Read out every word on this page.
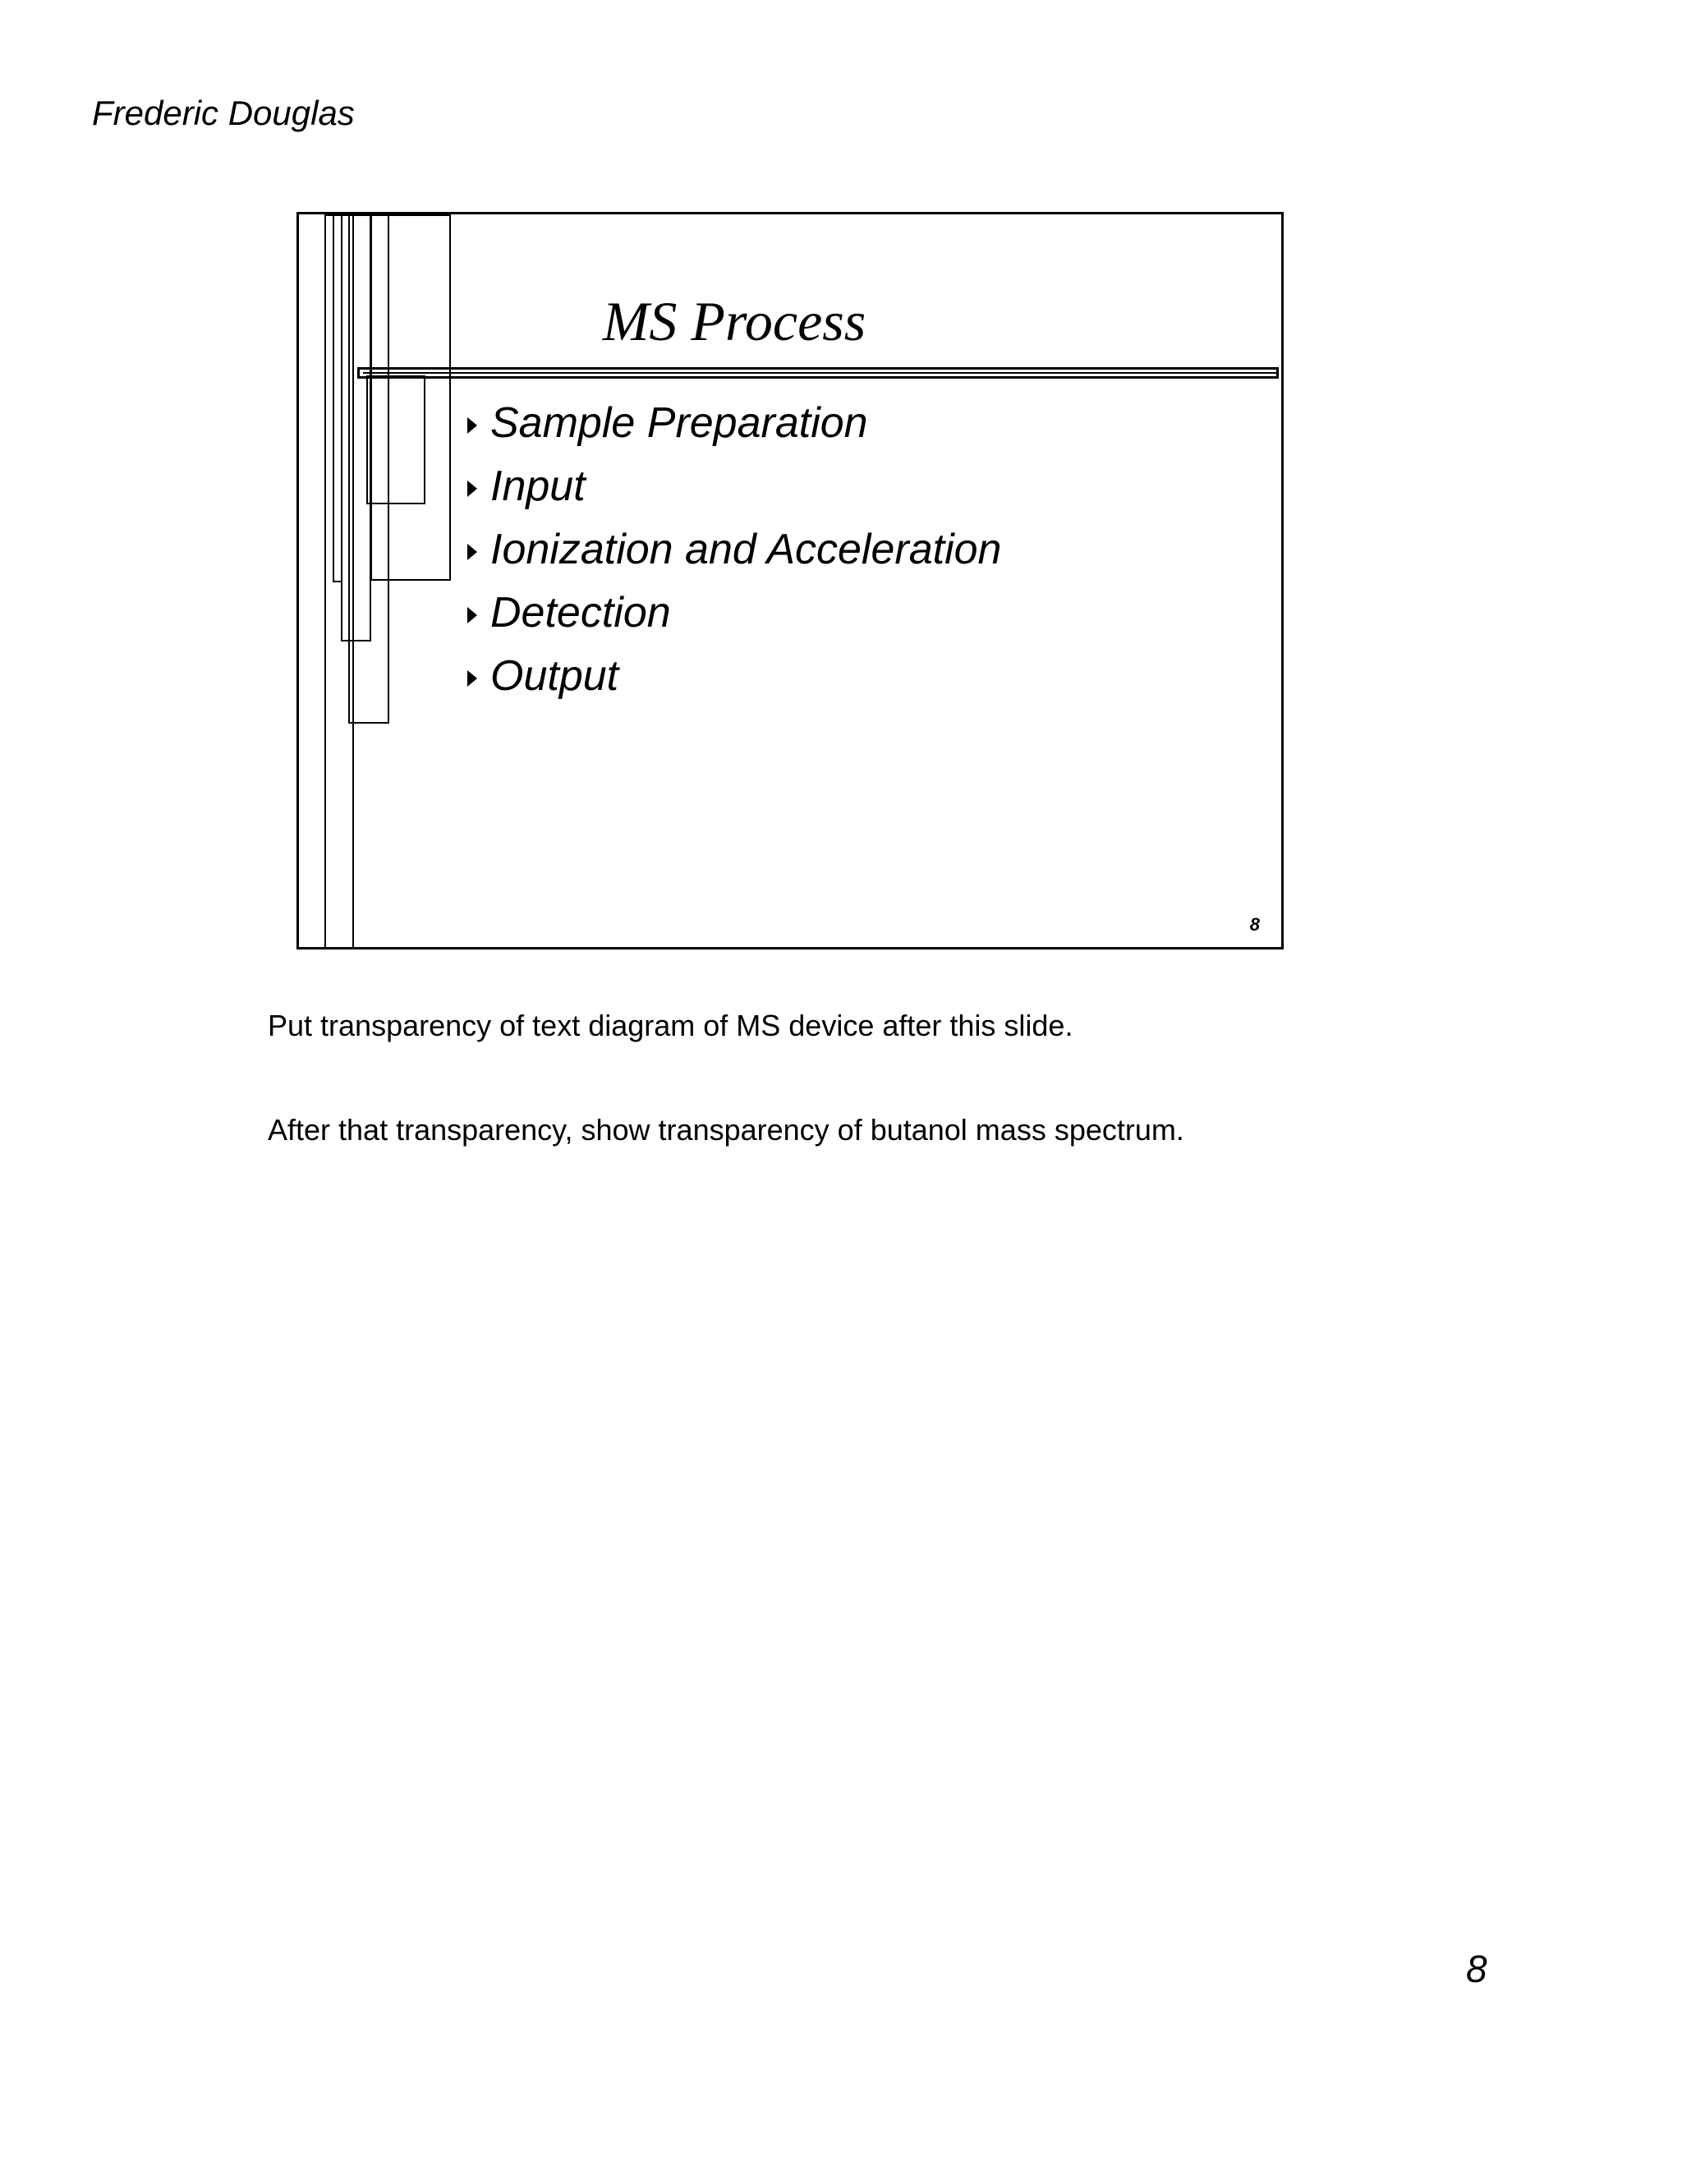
Frederic Douglas
MS Process
Sample Preparation
Input
Ionization and Acceleration
Detection
Output
8

Put transparency of text diagram of MS device after this slide.

After that transparency, show transparency of butanol mass spectrum.

8
